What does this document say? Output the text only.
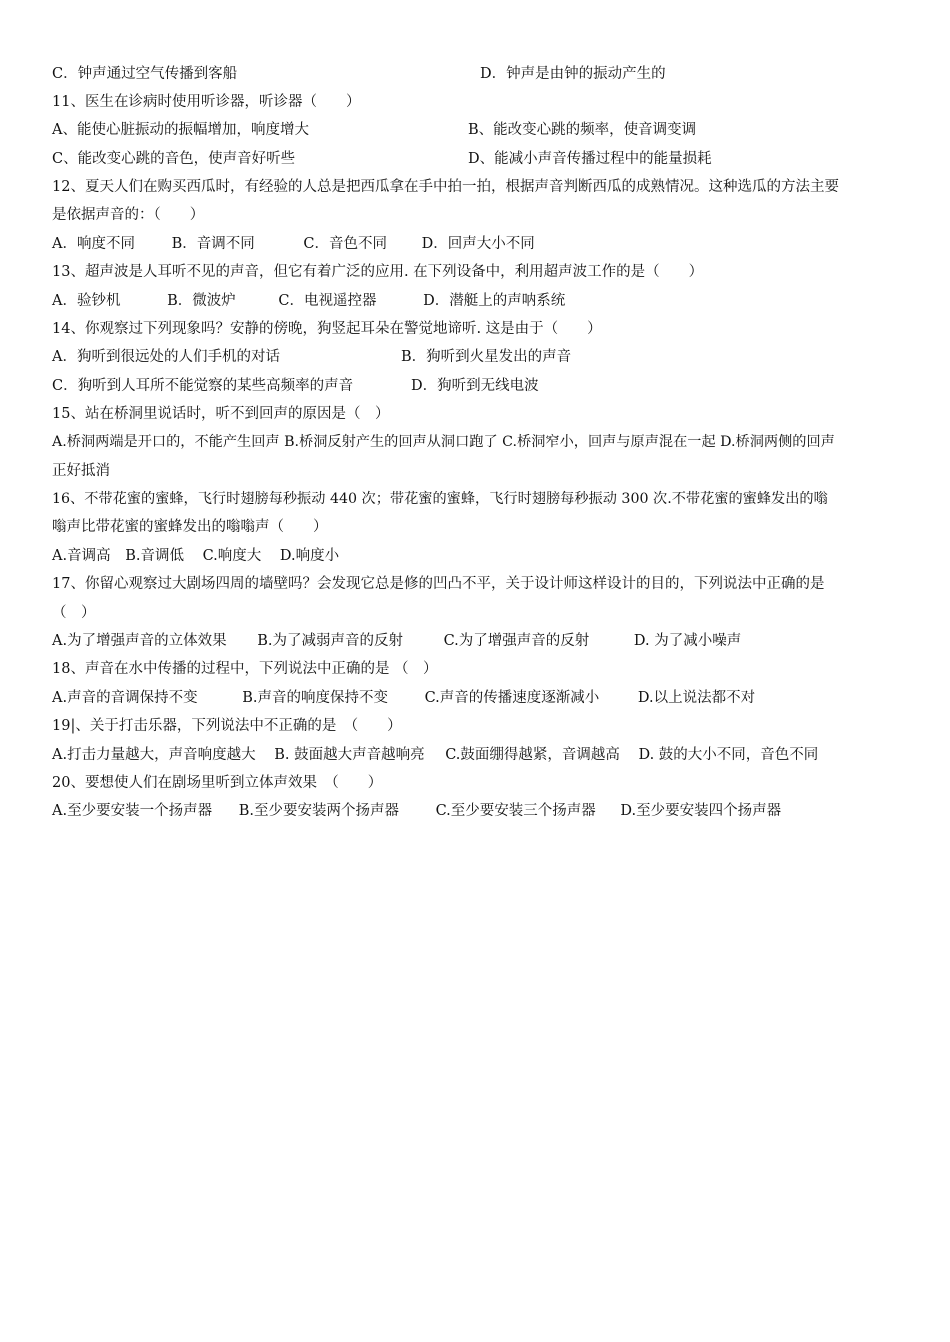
C．钟声通过空气传播到客船	D．钟声是由钟的振动产生的
11、医生在诊病时使用听诊器，听诊器（　　）
A、能使心脏振动的振幅增加，响度增大	B、能改变心跳的频率，使音调变调
C、能改变心跳的音色，使声音好听些	D、能减小声音传播过程中的能量损耗
12、夏天人们在购买西瓜时，有经验的人总是把西瓜拿在手中拍一拍，根据声音判断西瓜的成熟情况。这种选瓜的方法主要
是依据声音的：（　　）
A．响度不同	B．音调不同	C．音色不同 D．回声大小不同
13、超声波是人耳听不见的声音，但它有着广泛的应用. 在下列设备中，利用超声波工作的是（　　）
A．验钞机	B．微波炉	C．电视遥控器	D．潜艇上的声呐系统
14、你观察过下列现象吗？安静的傍晚，狗竖起耳朵在警觉地谛听. 这是由于（　　）
A．狗听到很远处的人们手机的对话	B．狗听到火星发出的声音
C．狗听到人耳所不能觉察的某些高频率的声音	D．狗听到无线电波
15、站在桥洞里说话时，听不到回声的原因是（　）
A.桥洞两端是开口的，不能产生回声 B.桥洞反射产生的回声从洞口跑了 C.桥洞窄小，回声与原声混在一起 D.桥洞两侧的回声
正好抵消
16、不带花蜜的蜜蜂，飞行时翅膀每秒振动 440 次；带花蜜的蜜蜂，飞行时翅膀每秒振动 300 次.不带花蜜的蜜蜂发出的嗡
嗡声比带花蜜的蜜蜂发出的嗡嗡声（　　）
A.音调高 B.音调低 C.响度大 D.响度小
17、你留心观察过大剧场四周的墙壁吗？会发现它总是修的凹凸不平，关于设计师这样设计的目的，下列说法中正确的是
（　）
A.为了增强声音的立体效果 B.为了减弱声音的反射	C.为了增强声音的反射	D. 为了减小噪声
18、声音在水中传播的过程中，下列说法中正确的是 （　）
A.声音的音调保持不变	B.声音的响度保持不变	C.声音的传播速度逐渐减小	D.以上说法都不对
19|、关于打击乐器，下列说法中不正确的是　（　　）
A.打击力量越大，声音响度越大 B. 鼓面越大声音越响亮 C.鼓面绷得越紧，音调越高 D. 鼓的大小不同，音色不同
20、要想使人们在剧场里听到立体声效果　（　　）
A.至少要安装一个扬声器 B.至少要安装两个扬声器	C.至少要安装三个扬声器 D.至少要安装四个扬声器
